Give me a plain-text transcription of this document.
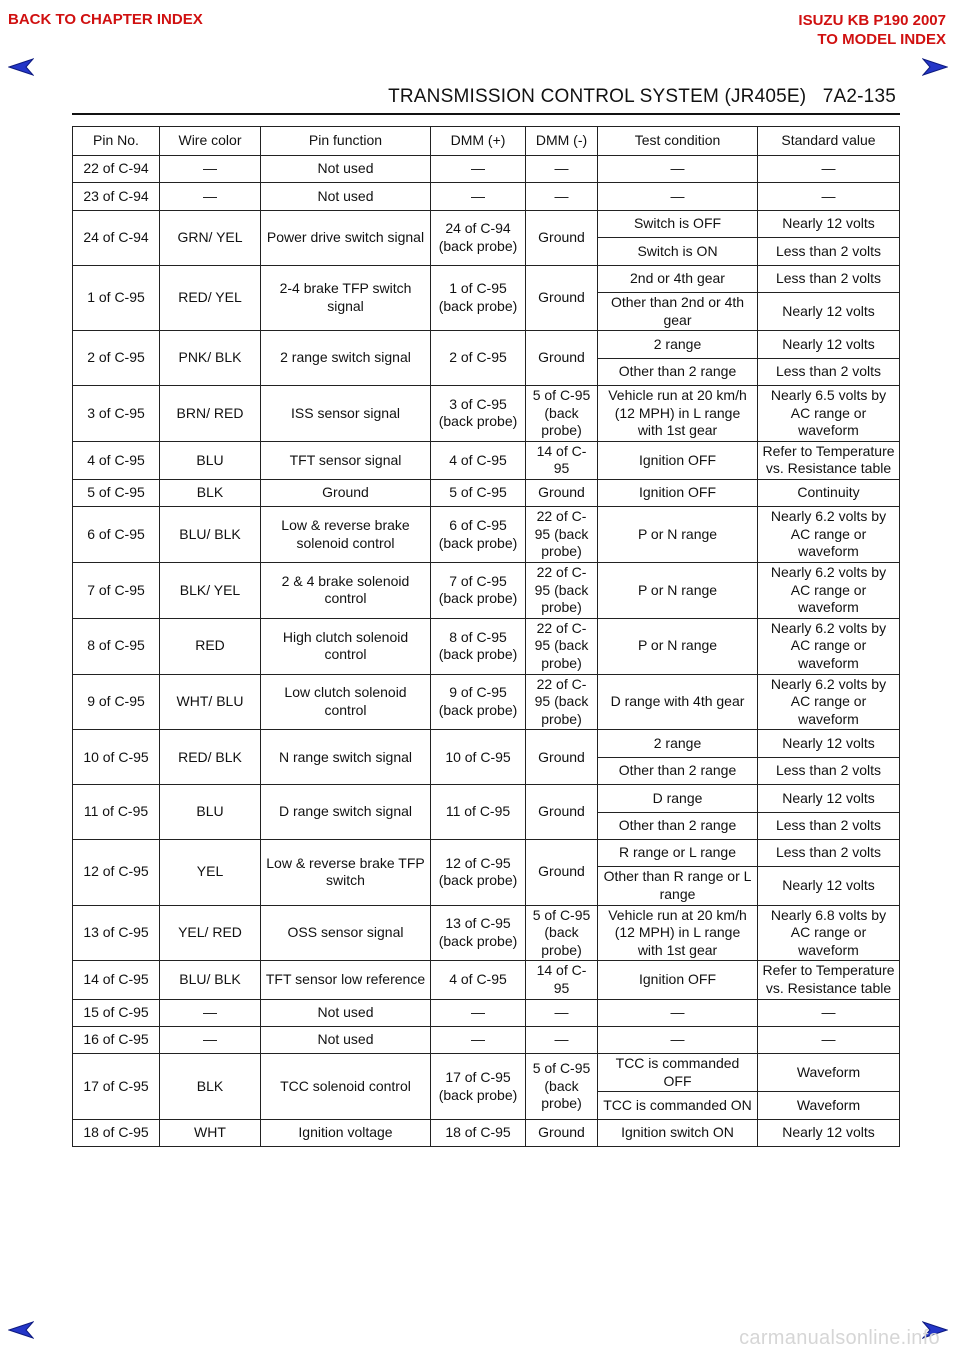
BACK TO CHAPTER INDEX	ISUZU KB P190 2007
TO MODEL INDEX
TRANSMISSION CONTROL SYSTEM (JR405E) 7A2-135
Pin No.	Wire color	Pin function	DMM (+)	DMM (-)	Test condition	Standard value
22 of C-94	—	Not used	—	—	—	—
23 of C-94	—	Not used	—	—	—	—
24 of C-94	GRN/ YEL	Power drive switch signal	24 of C-94 (back probe)	Ground	Switch is OFF	Nearly 12 volts
					Switch is ON	Less than 2 volts
1 of C-95	RED/ YEL	2-4 brake TFP switch signal	1 of C-95 (back probe)	Ground	2nd or 4th gear	Less than 2 volts
					Other than 2nd or 4th gear	Nearly 12 volts
2 of C-95	PNK/ BLK	2 range switch signal	2 of C-95	Ground	2 range	Nearly 12 volts
					Other than 2 range	Less than 2 volts
3 of C-95	BRN/ RED	ISS sensor signal	3 of C-95 (back probe)	5 of C-95 (back probe)	Vehicle run at 20 km/h (12 MPH) in L range with 1st gear	Nearly 6.5 volts by AC range or waveform
4 of C-95	BLU	TFT sensor signal	4 of C-95	14 of C-95	Ignition OFF	Refer to Temperature vs. Resistance table
5 of C-95	BLK	Ground	5 of C-95	Ground	Ignition OFF	Continuity
6 of C-95	BLU/ BLK	Low & reverse brake solenoid control	6 of C-95 (back probe)	22 of C-95 (back probe)	P or N range	Nearly 6.2 volts by AC range or waveform
7 of C-95	BLK/ YEL	2 & 4 brake solenoid control	7 of C-95 (back probe)	22 of C-95 (back probe)	P or N range	Nearly 6.2 volts by AC range or waveform
8 of C-95	RED	High clutch solenoid control	8 of C-95 (back probe)	22 of C-95 (back probe)	P or N range	Nearly 6.2 volts by AC range or waveform
9 of C-95	WHT/ BLU	Low clutch solenoid control	9 of C-95 (back probe)	22 of C-95 (back probe)	D range with 4th gear	Nearly 6.2 volts by AC range or waveform
10 of C-95	RED/ BLK	N range switch signal	10 of C-95	Ground	2 range	Nearly 12 volts
					Other than 2 range	Less than 2 volts
11 of C-95	BLU	D range switch signal	11 of C-95	Ground	D range	Nearly 12 volts
					Other than 2 range	Less than 2 volts
12 of C-95	YEL	Low & reverse brake TFP switch	12 of C-95 (back probe)	Ground	R range or L range	Less than 2 volts
					Other than R range or L range	Nearly 12 volts
13 of C-95	YEL/ RED	OSS sensor signal	13 of C-95 (back probe)	5 of C-95 (back probe)	Vehicle run at 20 km/h (12 MPH) in L range with 1st gear	Nearly 6.8 volts by AC range or waveform
14 of C-95	BLU/ BLK	TFT sensor low reference	4 of C-95	14 of C-95	Ignition OFF	Refer to Temperature vs. Resistance table
15 of C-95	—	Not used	—	—	—	—
16 of C-95	—	Not used	—	—	—	—
17 of C-95	BLK	TCC solenoid control	17 of C-95 (back probe)	5 of C-95 (back probe)	TCC is commanded OFF	Waveform
					TCC is commanded ON	Waveform
18 of C-95	WHT	Ignition voltage	18 of C-95	Ground	Ignition switch ON	Nearly 12 volts
carmanualsonline.info
